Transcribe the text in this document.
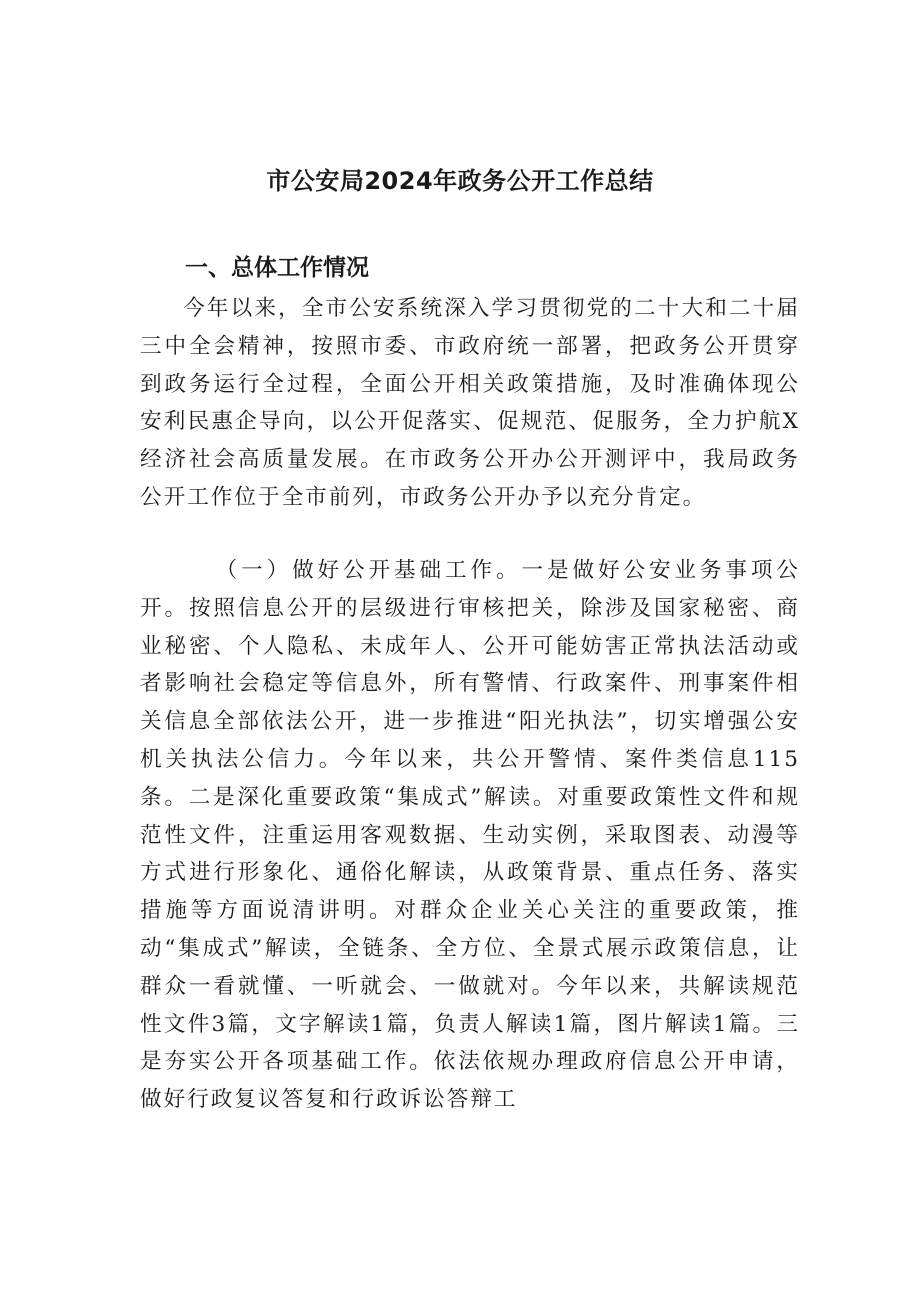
市公安局2024年政务公开工作总结
一、总体工作情况

今年以来，全市公安系统深入学习贯彻党的二十大和二十届三中全会精神，按照市委、市政府统一部署，把政务公开贯穿到政务运行全过程，全面公开相关政策措施，及时准确体现公安利民惠企导向，以公开促落实、促规范、促服务，全力护航X经济社会高质量发展。在市政务公开办公开测评中，我局政务公开工作位于全市前列，市政务公开办予以充分肯定。

（一）做好公开基础工作。一是做好公安业务事项公开。按照信息公开的层级进行审核把关，除涉及国家秘密、商业秘密、个人隐私、未成年人、公开可能妨害正常执法活动或者影响社会稳定等信息外，所有警情、行政案件、刑事案件相关信息全部依法公开，进一步推进“阳光执法”，切实增强公安机关执法公信力。今年以来，共公开警情、案件类信息115条。二是深化重要政策“集成式”解读。对重要政策性文件和规范性文件，注重运用客观数据、生动实例，采取图表、动漫等方式进行形象化、通俗化解读，从政策背景、重点任务、落实措施等方面说清讲明。对群众企业关心关注的重要政策，推动“集成式”解读，全链条、全方位、全景式展示政策信息，让群众一看就懂、一听就会、一做就对。今年以来，共解读规范性文件3篇，文字解读1篇，负责人解读1篇，图片解读1篇。三是夯实公开各项基础工作。依法依规办理政府信息公开申请，做好行政复议答复和行政诉讼答辩工
